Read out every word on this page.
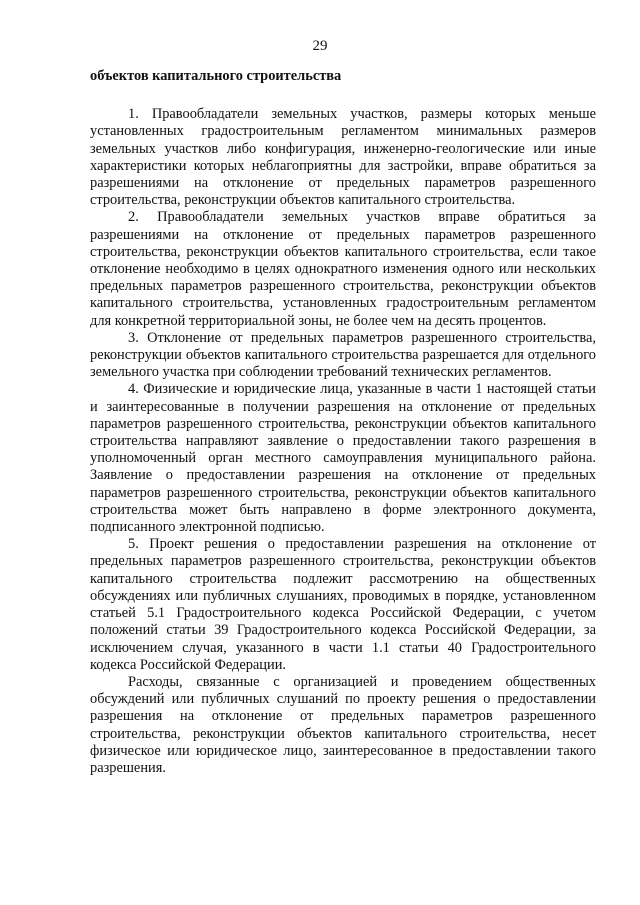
29

объектов капитального строительства

1. Правообладатели земельных участков, размеры которых меньше установленных градостроительным регламентом минимальных размеров земельных участков либо конфигурация, инженерно-геологические или иные характеристики которых неблагоприятны для застройки, вправе обратиться за разрешениями на отклонение от предельных параметров разрешенного строительства, реконструкции объектов капитального строительства.

2. Правообладатели земельных участков вправе обратиться за разрешениями на отклонение от предельных параметров разрешенного строительства, реконструкции объектов капитального строительства, если такое отклонение необходимо в целях однократного изменения одного или нескольких предельных параметров разрешенного строительства, реконструкции объектов капитального строительства, установленных градостроительным регламентом для конкретной территориальной зоны, не более чем на десять процентов.

3. Отклонение от предельных параметров разрешенного строительства, реконструкции объектов капитального строительства разрешается для отдельного земельного участка при соблюдении требований технических регламентов.

4. Физические и юридические лица, указанные в части 1 настоящей статьи и заинтересованные в получении разрешения на отклонение от предельных параметров разрешенного строительства, реконструкции объектов капитального строительства направляют заявление о предоставлении такого разрешения в уполномоченный орган местного самоуправления муниципального района. Заявление о предоставлении разрешения на отклонение от предельных параметров разрешенного строительства, реконструкции объектов капитального строительства может быть направлено в форме электронного документа, подписанного электронной подписью.

5. Проект решения о предоставлении разрешения на отклонение от предельных параметров разрешенного строительства, реконструкции объектов капитального строительства подлежит рассмотрению на общественных обсуждениях или публичных слушаниях, проводимых в порядке, установленном статьей 5.1 Градостроительного кодекса Российской Федерации, с учетом положений статьи 39 Градостроительного кодекса Российской Федерации, за исключением случая, указанного в части 1.1 статьи 40 Градостроительного кодекса Российской Федерации.

Расходы, связанные с организацией и проведением общественных обсуждений или публичных слушаний по проекту решения о предоставлении разрешения на отклонение от предельных параметров разрешенного строительства, реконструкции объектов капитального строительства, несет физическое или юридическое лицо, заинтересованное в предоставлении такого разрешения.
